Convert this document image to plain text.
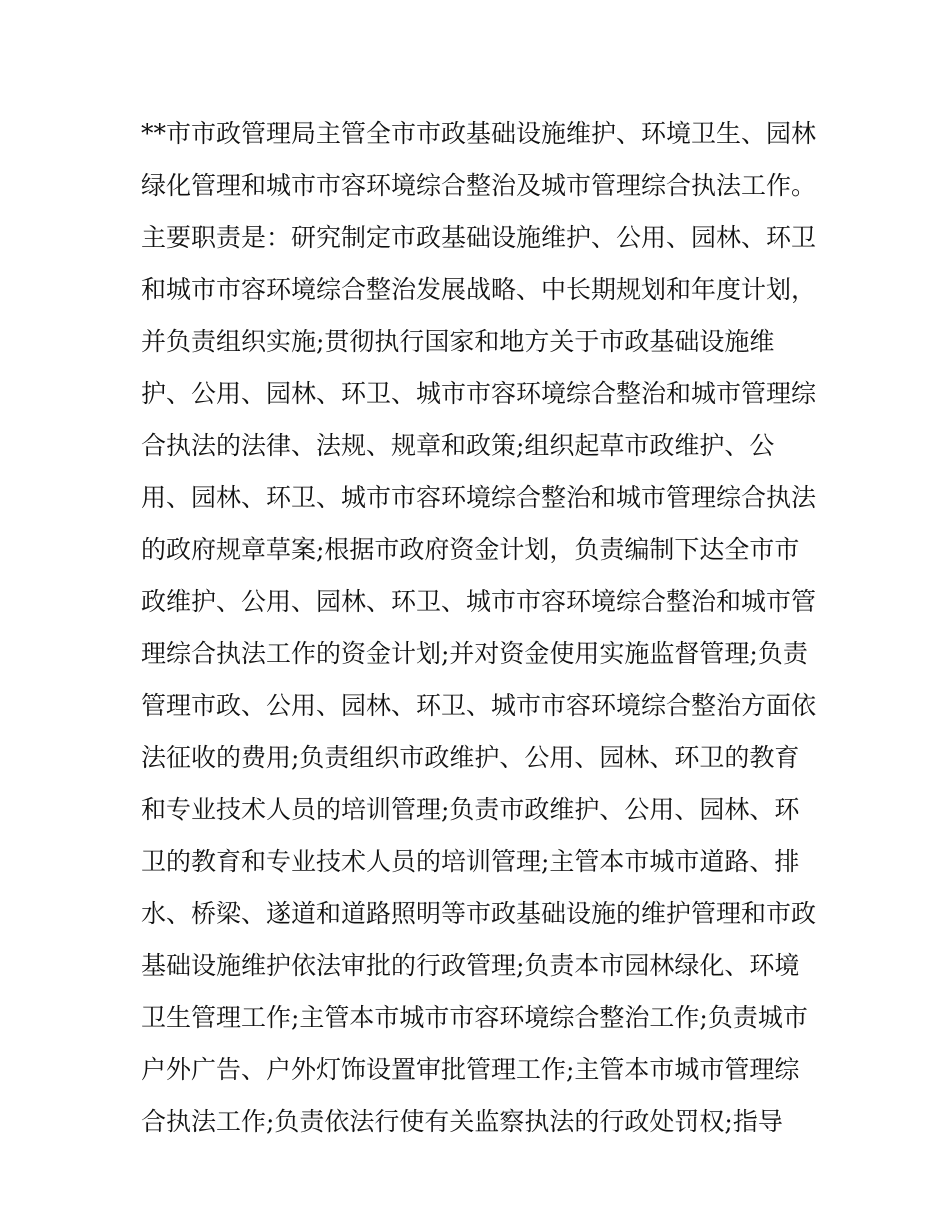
**市市政管理局主管全市市政基础设施维护、环境卫生、园林
绿化管理和城市市容环境综合整治及城市管理综合执法工作。
主要职责是：研究制定市政基础设施维护、公用、园林、环卫
和城市市容环境综合整治发展战略、中长期规划和年度计划，
并负责组织实施;贯彻执行国家和地方关于市政基础设施维
护、公用、园林、环卫、城市市容环境综合整治和城市管理综
合执法的法律、法规、规章和政策;组织起草市政维护、公
用、园林、环卫、城市市容环境综合整治和城市管理综合执法
的政府规章草案;根据市政府资金计划，负责编制下达全市市
政维护、公用、园林、环卫、城市市容环境综合整治和城市管
理综合执法工作的资金计划;并对资金使用实施监督管理;负责
管理市政、公用、园林、环卫、城市市容环境综合整治方面依
法征收的费用;负责组织市政维护、公用、园林、环卫的教育
和专业技术人员的培训管理;负责市政维护、公用、园林、环
卫的教育和专业技术人员的培训管理;主管本市城市道路、排
水、桥梁、遂道和道路照明等市政基础设施的维护管理和市政
基础设施维护依法审批的行政管理;负责本市园林绿化、环境
卫生管理工作;主管本市城市市容环境综合整治工作;负责城市
户外广告、户外灯饰设置审批管理工作;主管本市城市管理综
合执法工作;负责依法行使有关监察执法的行政处罚权;指导
